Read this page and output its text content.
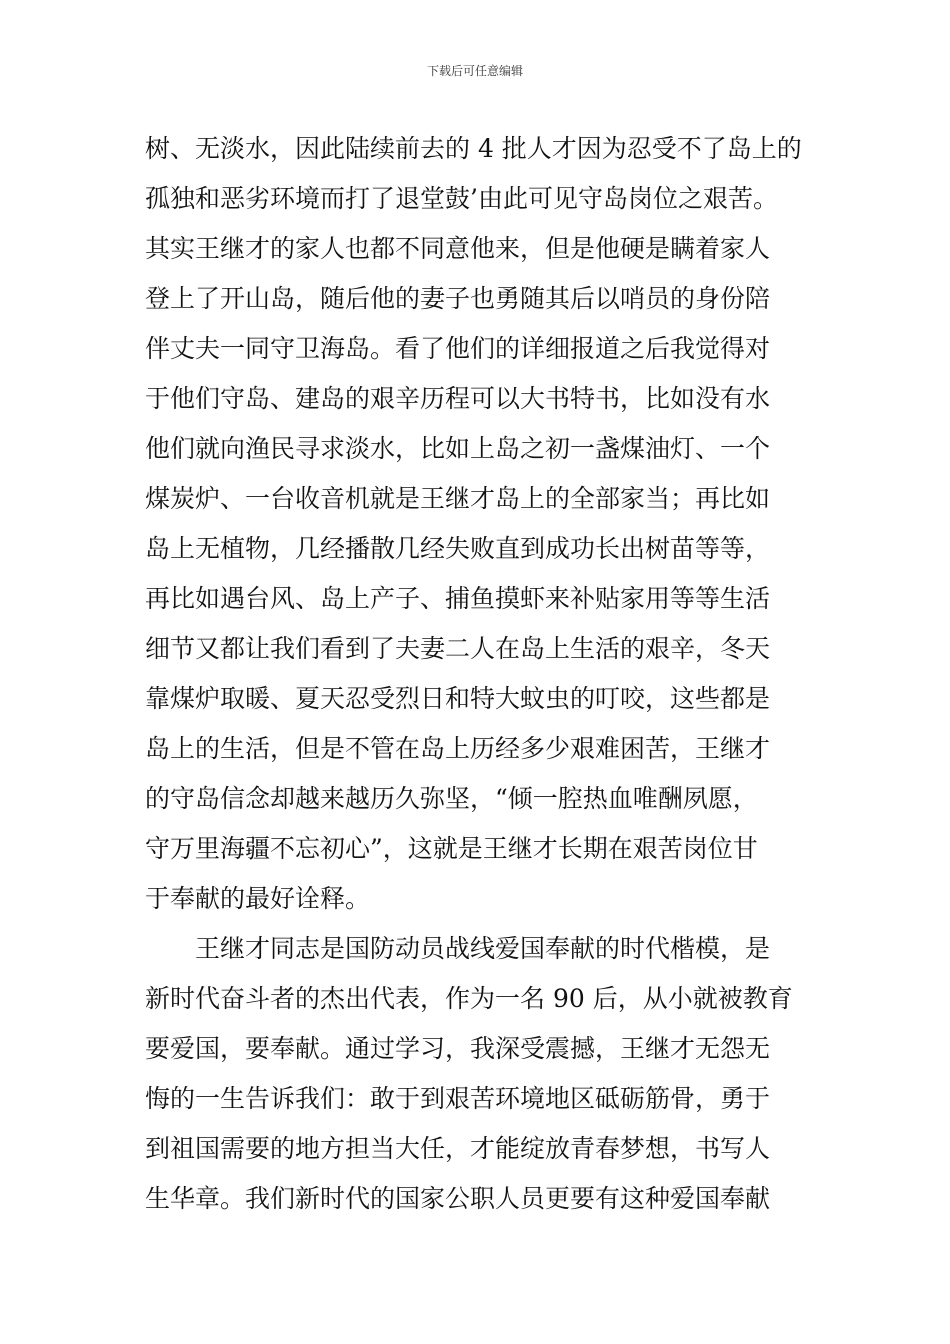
下载后可任意编辑
树、无淡水，因此陆续前去的 4 批人才因为忍受不了岛上的
孤独和恶劣环境而打了退堂鼓’由此可见守岛岗位之艰苦。
其实王继才的家人也都不同意他来，但是他硬是瞒着家人
登上了开山岛，随后他的妻子也勇随其后以哨员的身份陪
伴丈夫一同守卫海岛。看了他们的详细报道之后我觉得对
于他们守岛、建岛的艰辛历程可以大书特书，比如没有水
他们就向渔民寻求淡水，比如上岛之初一盏煤油灯、一个
煤炭炉、一台收音机就是王继才岛上的全部家当；再比如
岛上无植物，几经播散几经失败直到成功长出树苗等等，
再比如遇台风、岛上产子、捕鱼摸虾来补贴家用等等生活
细节又都让我们看到了夫妻二人在岛上生活的艰辛，冬天
靠煤炉取暖、夏天忍受烈日和特大蚊虫的叮咬，这些都是
岛上的生活，但是不管在岛上历经多少艰难困苦，王继才
的守岛信念却越来越历久弥坚，“倾一腔热血唯酬夙愿，
守万里海疆不忘初心”，这就是王继才长期在艰苦岗位甘
于奉献的最好诠释。
王继才同志是国防动员战线爱国奉献的时代楷模，是
新时代奋斗者的杰出代表，作为一名 90 后，从小就被教育
要爱国，要奉献。通过学习，我深受震撼，王继才无怨无
悔的一生告诉我们：敢于到艰苦环境地区砥砺筋骨，勇于
到祖国需要的地方担当大任，才能绽放青春梦想，书写人
生华章。我们新时代的国家公职人员更要有这种爱国奉献
